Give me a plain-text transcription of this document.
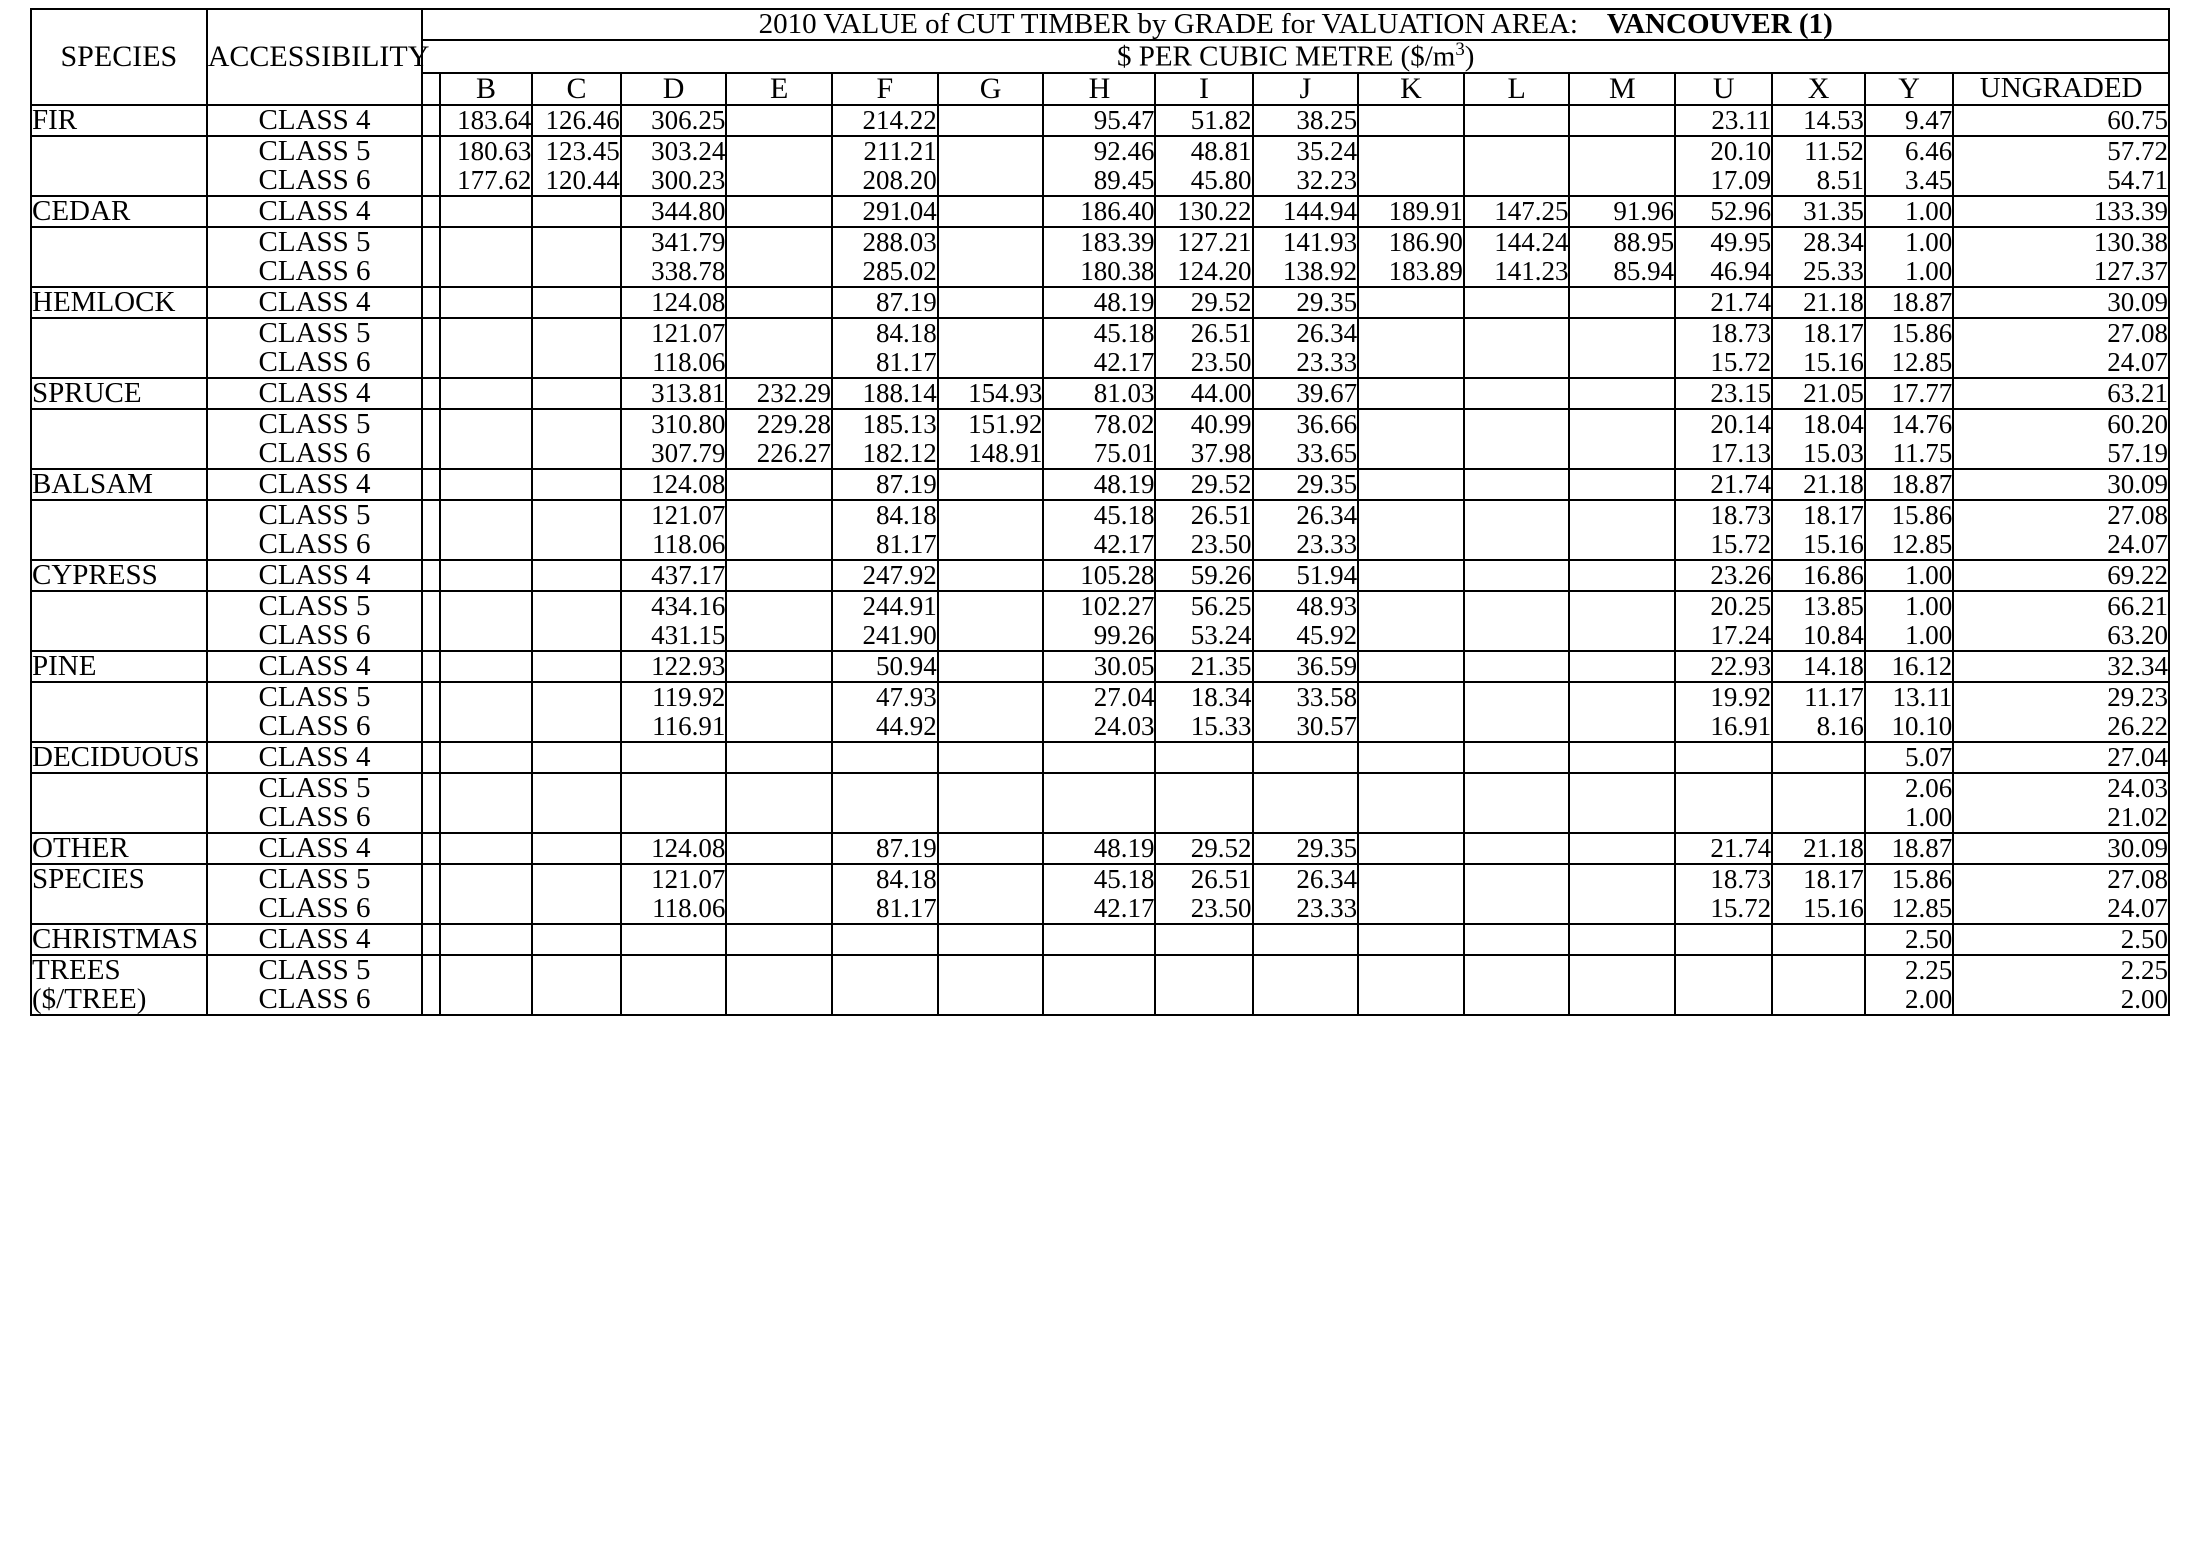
SPECIES	ACCESSIBILITY	2010 VALUE of CUT TIMBER by GRADE for VALUATION AREA: VANCOUVER (1)																
		$ PER CUBIC METRE $(\$/m^3)$																
			B	C	D	E	F	G	H	I	J	K	L	M	U	X	Y	UNGRADED
FIR	CLASS 4		183.64	126.46	306.25		214.22		95.47	51.82	38.25				23.11	14.53	9.47	60.75
	CLASS 5		180.63	123.45	303.24		211.21		92.46	48.81	35.24				20.10	11.52	6.46	57.72
	CLASS 6		177.62	120.44	300.23		208.20		89.45	45.80	32.23				17.09	8.51	3.45	54.71
CEDAR	CLASS 4				344.80		291.04		186.40	130.22	144.94	189.91	147.25	91.96	52.96	31.35	1.00	133.39
	CLASS 5				341.79		288.03		183.39	127.21	141.93	186.90	144.24	88.95	49.95	28.34	1.00	130.38
	CLASS 6				338.78		285.02		180.38	124.20	138.92	183.89	141.23	85.94	46.94	25.33	1.00	127.37
HEMLOCK	CLASS 4				124.08		87.19		48.19	29.52	29.35				21.74	21.18	18.87	30.09
	CLASS 5				121.07		84.18		45.18	26.51	26.34				18.73	18.17	15.86	27.08
	CLASS 6				118.06		81.17		42.17	23.50	23.33				15.72	15.16	12.85	24.07
SPRUCE	CLASS 4				313.81	232.29	188.14	154.93	81.03	44.00	39.67				23.15	21.05	17.77	63.21
	CLASS 5				310.80	229.28	185.13	151.92	78.02	40.99	36.66				20.14	18.04	14.76	60.20
	CLASS 6				307.79	226.27	182.12	148.91	75.01	37.98	33.65				17.13	15.03	11.75	57.19
BALSAM	CLASS 4				124.08		87.19		48.19	29.52	29.35				21.74	21.18	18.87	30.09
	CLASS 5				121.07		84.18		45.18	26.51	26.34				18.73	18.17	15.86	27.08
	CLASS 6				118.06		81.17		42.17	23.50	23.33				15.72	15.16	12.85	24.07
CYPRESS	CLASS 4				437.17		247.92		105.28	59.26	51.94				23.26	16.86	1.00	69.22
	CLASS 5				434.16		244.91		102.27	56.25	48.93				20.25	13.85	1.00	66.21
	CLASS 6				431.15		241.90		99.26	53.24	45.92				17.24	10.84	1.00	63.20
PINE	CLASS 4				122.93		50.94		30.05	21.35	36.59				22.93	14.18	16.12	32.34
	CLASS 5				119.92		47.93		27.04	18.34	33.58				19.92	11.17	13.11	29.23
	CLASS 6				116.91		44.92		24.03	15.33	30.57				16.91	8.16	10.10	26.22
DECIDUOUS	CLASS 4																5.07	27.04
	CLASS 5																2.06	24.03
	CLASS 6																1.00	21.02
OTHER	CLASS 4				124.08		87.19		48.19	29.52	29.35				21.74	21.18	18.87	30.09
SPECIES	CLASS 5				121.07		84.18		45.18	26.51	26.34				18.73	18.17	15.86	27.08
	CLASS 6				118.06		81.17		42.17	23.50	23.33				15.72	15.16	12.85	24.07
CHRISTMAS	CLASS 4																2.50	2.50
TREES	CLASS 5																2.25	2.25
($/TREE)	CLASS 6																2.00	2.00
